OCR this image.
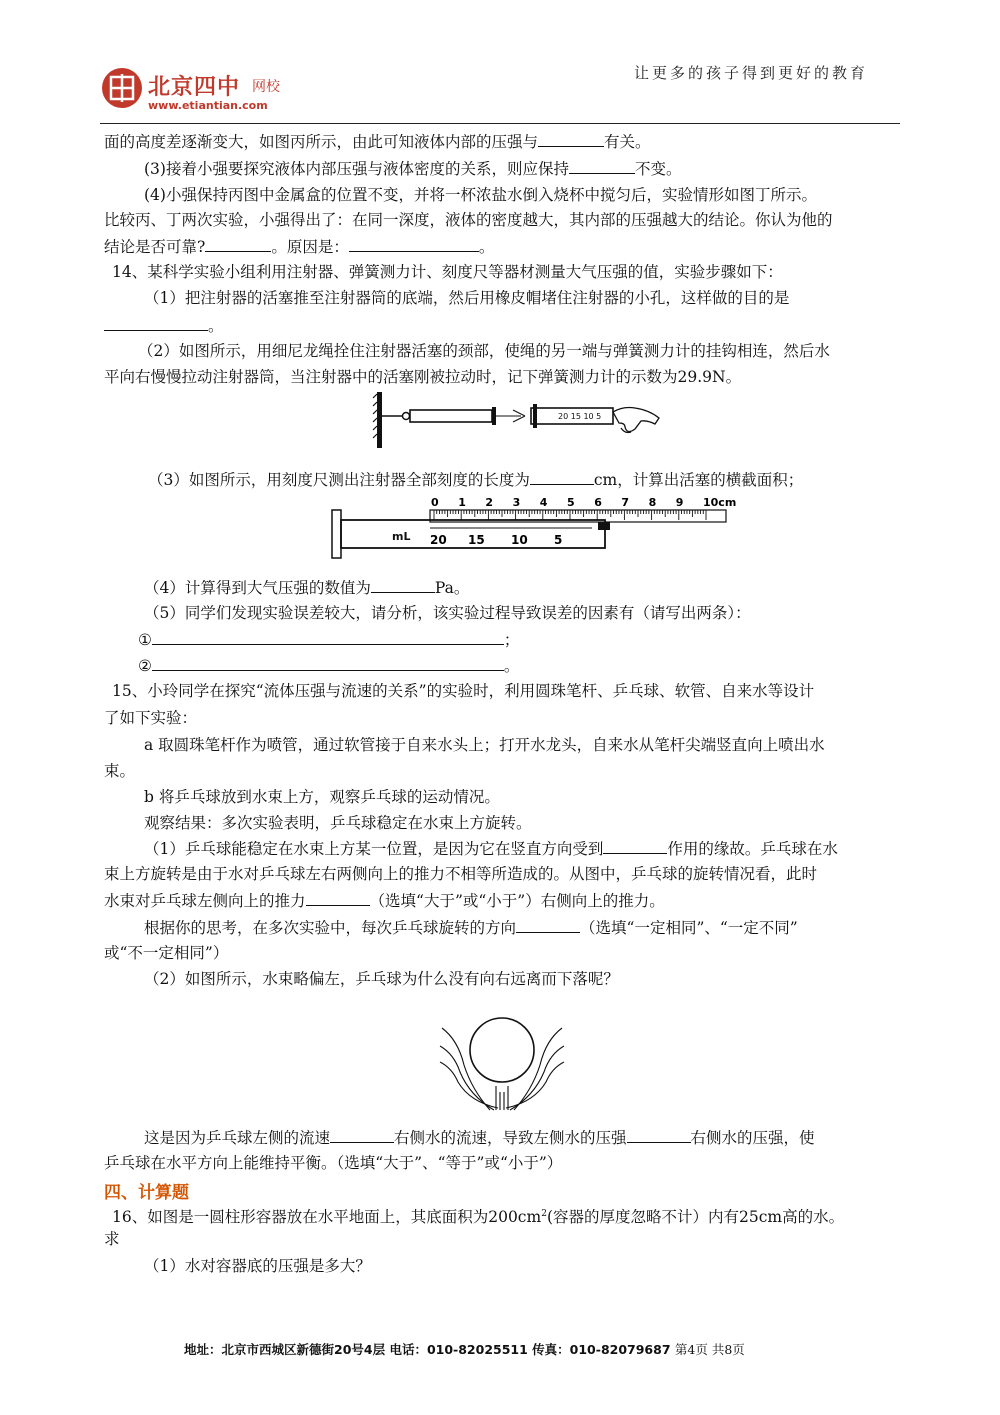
北京四中 网校
www.etiantian.com
让更多的孩子得到更好的教育
面的高度差逐渐变大，如图丙所示，由此可知液体内部的压强与	有关。
(3)接着小强要探究液体内部压强与液体密度的关系，则应保持	不变。
(4)小强保持丙图中金属盒的位置不变，并将一杯浓盐水倒入烧杯中搅匀后，实验情形如图丁所示。
比较丙、丁两次实验，小强得出了：在同一深度，液体的密度越大，其内部的压强越大的结论。你认为他的
结论是否可靠?	。原因是：	。
14、某科学实验小组利用注射器、弹簧测力计、刻度尺等器材测量大气压强的值，实验步骤如下：
（1）把注射器的活塞推至注射器筒的底端，然后用橡皮帽堵住注射器的小孔，这样做的目的是
。
（2）如图所示，用细尼龙绳拴住注射器活塞的颈部，使绳的另一端与弹簧测力计的挂钩相连，然后水
平向右慢慢拉动注射器筒，当注射器中的活塞刚被拉动时，记下弹簧测力计的示数为29.9N。
20 15 10 5
（3）如图所示，用刻度尺测出注射器全部刻度的长度为	cm，计算出活塞的横截面积；
0 1 2 3 4 5 6 7 8 9 10cm
mL 20 15 10 5
（4）计算得到大气压强的数值为	Pa。
（5）同学们发现实验误差较大，请分析，该实验过程导致误差的因素有（请写出两条）：
①	；
②	。
15、小玲同学在探究“流体压强与流速的关系”的实验时，利用圆珠笔杆、乒乓球、软管、自来水等设计
了如下实验：
a 取圆珠笔杆作为喷管，通过软管接于自来水头上；打开水龙头，自来水从笔杆尖端竖直向上喷出水
束。
b 将乒乓球放到水束上方，观察乒乓球的运动情况。
观察结果：多次实验表明，乒乓球稳定在水束上方旋转。
（1）乒乓球能稳定在水束上方某一位置，是因为它在竖直方向受到	作用的缘故。乒乓球在水
束上方旋转是由于水对乒乓球左右两侧向上的推力不相等所造成的。从图中，乒乓球的旋转情况看，此时
水束对乒乓球左侧向上的推力	（选填“大于”或“小于”）右侧向上的推力。
根据你的思考，在多次实验中，每次乒乓球旋转的方向	（选填“一定相同”、“一定不同”
或“不一定相同”）
（2）如图所示，水束略偏左，乒乓球为什么没有向右远离而下落呢？
这是因为乒乓球左侧的流速	右侧水的流速，导致左侧水的压强	右侧水的压强，使
乒乓球在水平方向上能维持平衡。（选填“大于”、“等于”或“小于”）
四、计算题
16、如图是一圆柱形容器放在水平地面上，其底面积为$200cm^2$(容器的厚度忽略不计）内有25cm高的水。
求
（1）水对容器底的压强是多大？
地址：北京市西城区新德街20号4层 电话：010-82025511 传真：010-82079687 第4页 共8页
